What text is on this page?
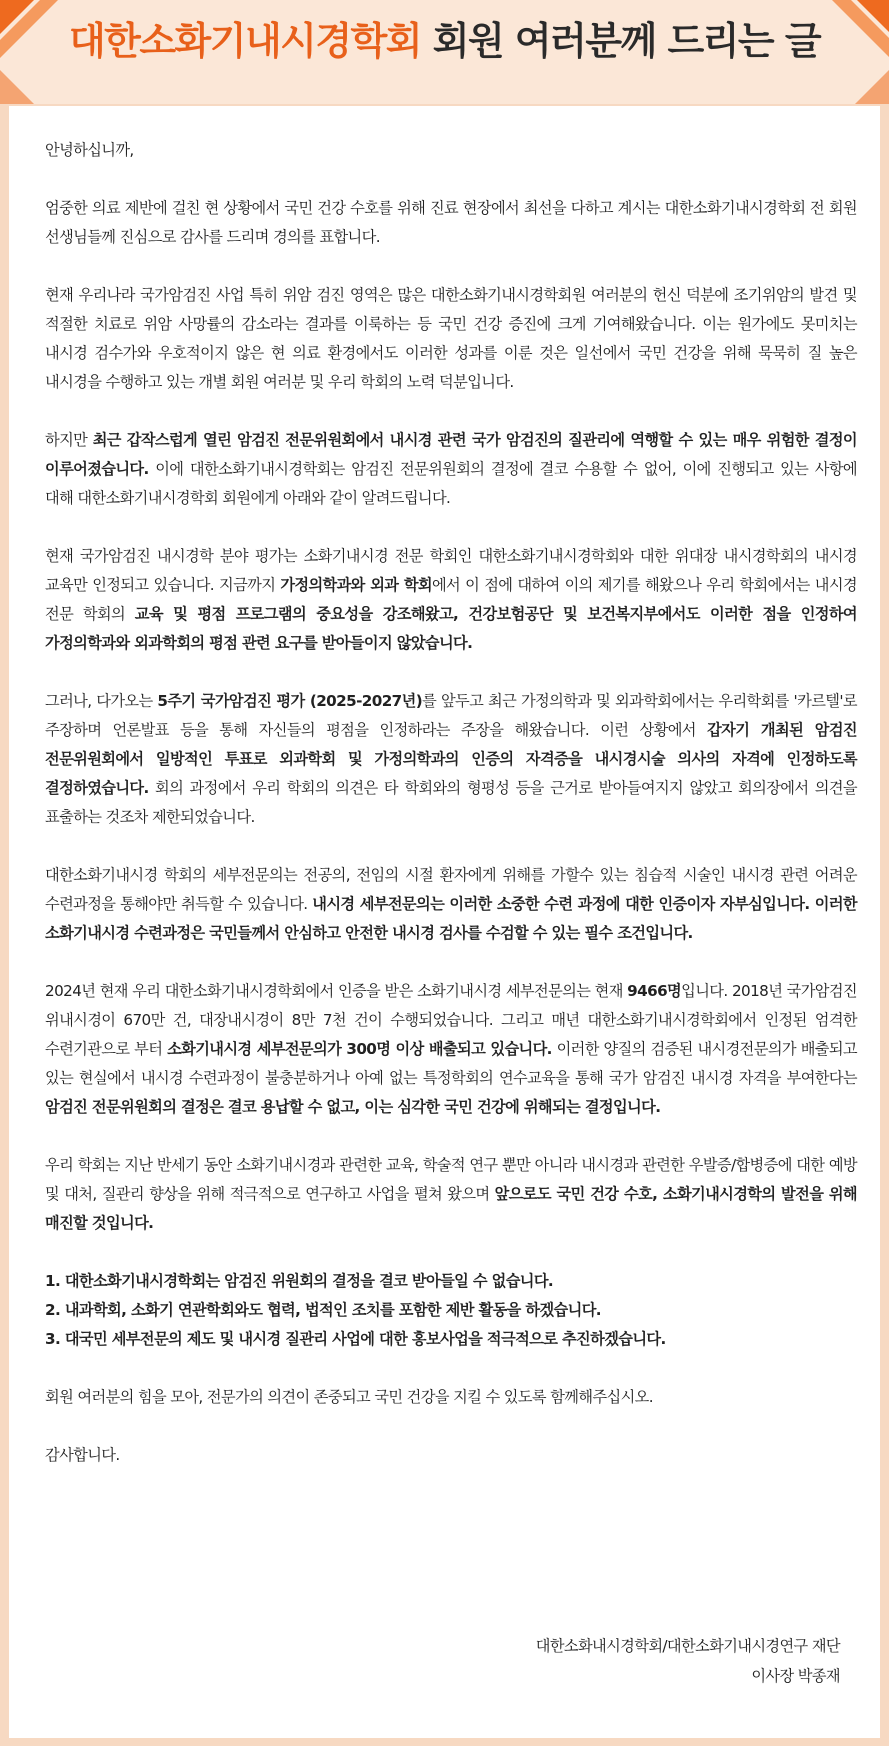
대한소화기내시경학회 회원 여러분께 드리는 글

안녕하십니까,

엄중한 의료 제반에 걸친 현 상황에서 국민 건강 수호를 위해 진료 현장에서 최선을 다하고 계시는 대한소화기내시경학회 전 회원 선생님들께 진심으로 감사를 드리며 경의를 표합니다.

현재 우리나라 국가암검진 사업 특히 위암 검진 영역은 많은 대한소화기내시경학회원 여러분의 헌신 덕분에 조기위암의 발견 및 적절한 치료로 위암 사망률의 감소라는 결과를 이룩하는 등 국민 건강 증진에 크게 기여해왔습니다. 이는 원가에도 못미치는 내시경 검수가와 우호적이지 않은 현 의료 환경에서도 이러한 성과를 이룬 것은 일선에서 국민 건강을 위해 묵묵히 질 높은 내시경을 수행하고 있는 개별 회원 여러분 및 우리 학회의 노력 덕분입니다.

하지만 최근 갑작스럽게 열린 암검진 전문위원회에서 내시경 관련 국가 암검진의 질관리에 역행할 수 있는 매우 위험한 결정이 이루어졌습니다. 이에 대한소화기내시경학회는 암검진 전문위원회의 결정에 결코 수용할 수 없어, 이에 진행되고 있는 사항에 대해 대한소화기내시경학회 회원에게 아래와 같이 알려드립니다.

현재 국가암검진 내시경학 분야 평가는 소화기내시경 전문 학회인 대한소화기내시경학회와 대한 위대장 내시경학회의 내시경 교육만 인정되고 있습니다. 지금까지 가정의학과와 외과 학회에서 이 점에 대하여 이의 제기를 해왔으나 우리 학회에서는 내시경 전문 학회의 교육 및 평점 프로그램의 중요성을 강조해왔고, 건강보험공단 및 보건복지부에서도 이러한 점을 인정하여 가정의학과와 외과학회의 평점 관련 요구를 받아들이지 않았습니다.

그러나, 다가오는 5주기 국가암검진 평가 (2025-2027년)를 앞두고 최근 가정의학과 및 외과학회에서는 우리학회를 '카르텔'로 주장하며 언론발표 등을 통해 자신들의 평점을 인정하라는 주장을 해왔습니다. 이런 상황에서 갑자기 개최된 암검진 전문위원회에서 일방적인 투표로 외과학회 및 가정의학과의 인증의 자격증을 내시경시술 의사의 자격에 인정하도록 결정하였습니다. 회의 과정에서 우리 학회의 의견은 타 학회와의 형평성 등을 근거로 받아들여지지 않았고 회의장에서 의견을 표출하는 것조차 제한되었습니다.

대한소화기내시경 학회의 세부전문의는 전공의, 전임의 시절 환자에게 위해를 가할수 있는 침습적 시술인 내시경 관련 어려운 수련과정을 통해야만 취득할 수 있습니다. 내시경 세부전문의는 이러한 소중한 수련 과정에 대한 인증이자 자부심입니다. 이러한 소화기내시경 수련과정은 국민들께서 안심하고 안전한 내시경 검사를 수검할 수 있는 필수 조건입니다.

2024년 현재 우리 대한소화기내시경학회에서 인증을 받은 소화기내시경 세부전문의는 현재 9466명입니다. 2018년 국가암검진 위내시경이 670만 건, 대장내시경이 8만 7천 건이 수행되었습니다. 그리고 매년 대한소화기내시경학회에서 인정된 엄격한 수련기관으로 부터 소화기내시경 세부전문의가 300명 이상 배출되고 있습니다. 이러한 양질의 검증된 내시경전문의가 배출되고 있는 현실에서 내시경 수련과정이 불충분하거나 아예 없는 특정학회의 연수교육을 통해 국가 암검진 내시경 자격을 부여한다는 암검진 전문위원회의 결정은 결코 용납할 수 없고, 이는 심각한 국민 건강에 위해되는 결정입니다.

우리 학회는 지난 반세기 동안 소화기내시경과 관련한 교육, 학술적 연구 뿐만 아니라 내시경과 관련한 우발증/합병증에 대한 예방 및 대처, 질관리 향상을 위해 적극적으로 연구하고 사업을 펼쳐 왔으며 앞으로도 국민 건강 수호, 소화기내시경학의 발전을 위해 매진할 것입니다.

1. 대한소화기내시경학회는 암검진 위원회의 결정을 결코 받아들일 수 없습니다.
2. 내과학회, 소화기 연관학회와도 협력, 법적인 조치를 포함한 제반 활동을 하겠습니다.
3. 대국민 세부전문의 제도 및 내시경 질관리 사업에 대한 홍보사업을 적극적으로 추진하겠습니다.

회원 여러분의 힘을 모아, 전문가의 의견이 존중되고 국민 건강을 지킬 수 있도록 함께해주십시오.

감사합니다.

대한소화내시경학회/대한소화기내시경연구 재단
이사장 박종재
